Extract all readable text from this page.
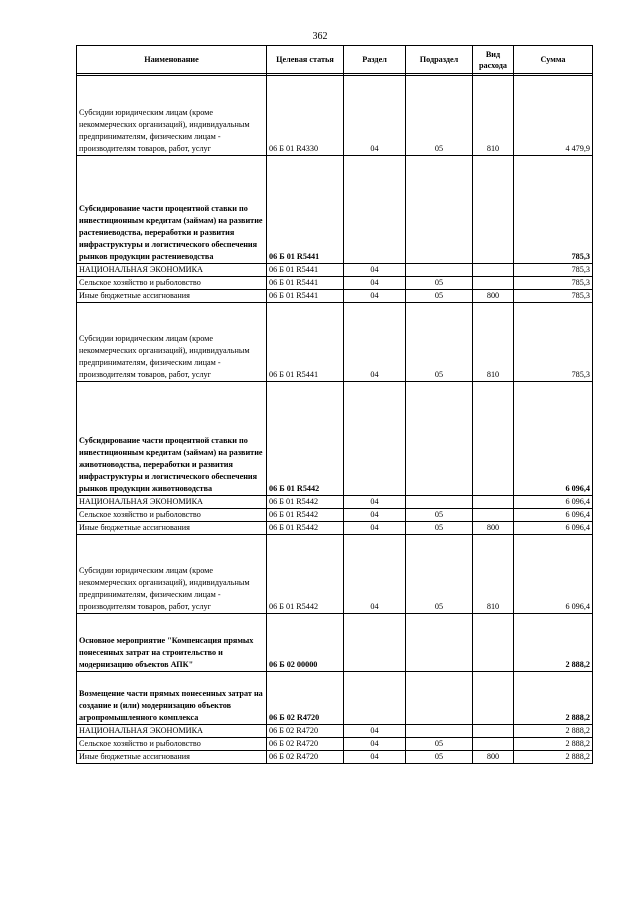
362
Наименование	Целевая статья	Раздел	Подраздел	Вид расхода	Сумма

Субсидии юридическим лицам (кроме некоммерческих организаций), индивидуальным предпринимателям, физическим лицам - производителям товаров, работ, услуг	06 Б 01 R4330	04	05	810	4 479,9
Субсидирование части процентной ставки по инвестиционным кредитам (займам) на развитие растениеводства, переработки и развития инфраструктуры и логистического обеспечения рынков продукции растениеводства	06 Б 01 R5441				785,3
НАЦИОНАЛЬНАЯ ЭКОНОМИКА	06 Б 01 R5441	04			785,3
Сельское хозяйство и рыболовство	06 Б 01 R5441	04	05		785,3
Иные бюджетные ассигнования	06 Б 01 R5441	04	05	800	785,3
Субсидии юридическим лицам (кроме некоммерческих организаций), индивидуальным предпринимателям, физическим лицам - производителям товаров, работ, услуг	06 Б 01 R5441	04	05	810	785,3
Субсидирование части процентной ставки по инвестиционным кредитам (займам) на развитие животноводства, переработки и развития инфраструктуры и логистического обеспечения рынков продукции животноводства	06 Б 01 R5442				6 096,4
НАЦИОНАЛЬНАЯ ЭКОНОМИКА	06 Б 01 R5442	04			6 096,4
Сельское хозяйство и рыболовство	06 Б 01 R5442	04	05		6 096,4
Иные бюджетные ассигнования	06 Б 01 R5442	04	05	800	6 096,4
Субсидии юридическим лицам (кроме некоммерческих организаций), индивидуальным предпринимателям, физическим лицам - производителям товаров, работ, услуг	06 Б 01 R5442	04	05	810	6 096,4
Основное мероприятие "Компенсация прямых понесенных затрат на строительство и модернизацию объектов АПК"	06 Б 02 00000				2 888,2
Возмещение части прямых понесенных затрат на создание и (или) модернизацию объектов агропромышленного комплекса	06 Б 02 R4720				2 888,2
НАЦИОНАЛЬНАЯ ЭКОНОМИКА	06 Б 02 R4720	04			2 888,2
Сельское хозяйство и рыболовство	06 Б 02 R4720	04	05		2 888,2
Иные бюджетные ассигнования	06 Б 02 R4720	04	05	800	2 888,2
